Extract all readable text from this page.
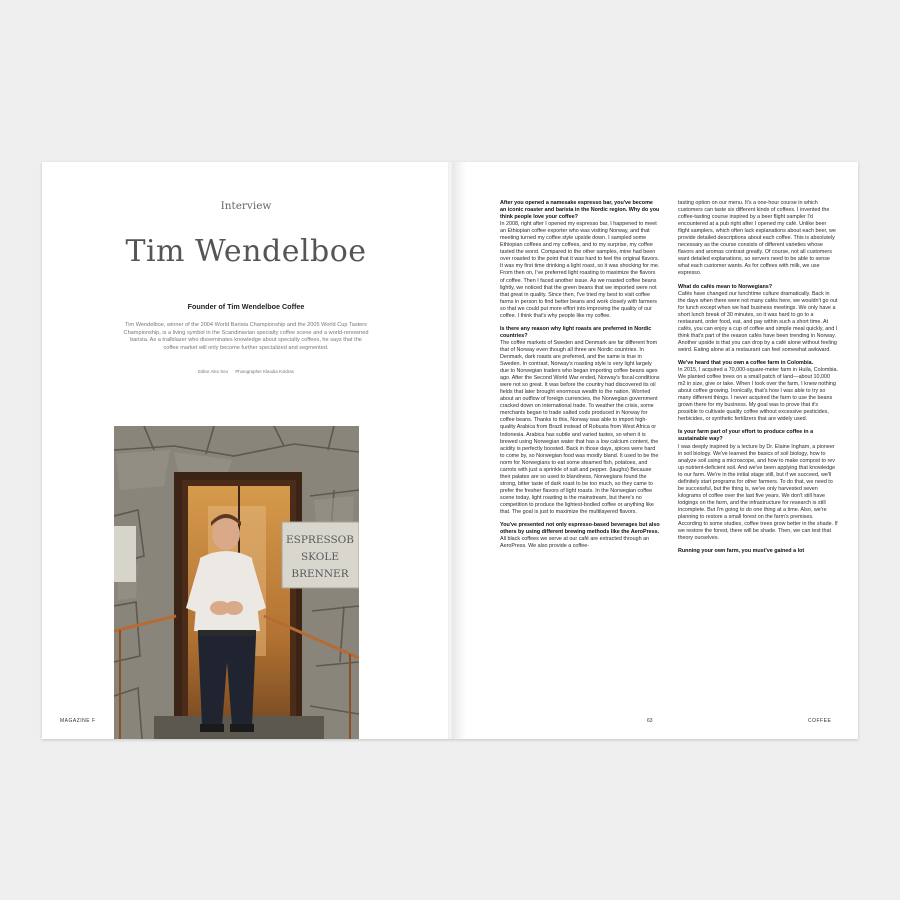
Interview

Tim Wendelboe

Founder of Tim Wendelboe Coffee

Tim Wendelboe, winner of the 2004 World Barista Championship and the 2005 World Cup Tasters Championship, is a living symbol in the Scandinavian specialty coffee scene and a world-renowned barista. As a trailblazer who disseminates knowledge about specialty coffees, he says that the coffee market will only become further specialized and segmented.

Editor Alex Seo Photographer Klaudia Koldras
ESPRESSOB
SKOLE
BRENNER
MAGAZINE F

After you opened a namesake espresso bar, you've become an iconic roaster and barista in the Nordic region. Why do you think people love your coffee?

In 2008, right after I opened my espresso bar, I happened to meet an Ethiopian coffee exporter who was visiting Norway, and that meeting turned my coffee style upside down. I sampled some Ethiopian coffees and my coffees, and to my surprise, my coffee tasted the worst. Compared to the other samples, mine had been over roasted to the point that it was hard to feel the original flavors. It was my first time drinking a light roast, so it was shocking for me. From then on, I've preferred light roasting to maximize the flavors of coffee. Then I faced another issue. As we roasted coffee beans lightly, we noticed that the green beans that we imported were not that great in quality. Since then, I've tried my best to visit coffee farms in person to find better beans and work closely with farmers so that we could put more effort into improving the quality of our coffee. I think that's why people like my coffee.

Is there any reason why light roasts are preferred in Nordic countries?

The coffee markets of Sweden and Denmark are far different from that of Norway even though all three are Nordic countries. In Denmark, dark roasts are preferred, and the same is true in Sweden. In contrast, Norway's roasting style is very light largely due to Norwegian traders who began importing coffee beans ages ago. After the Second World War ended, Norway's fiscal conditions were not so great. It was before the country had discovered its oil fields that later brought enormous wealth to the nation. Worried about an outflow of foreign currencies, the Norwegian government cracked down on international trade. To weather the crisis, some merchants began to trade salted cods produced in Norway for coffee beans. Thanks to this, Norway was able to import high-quality Arabica from Brazil instead of Robusta from West Africa or Indonesia. Arabica has subtle and varied tastes, so when it is brewed using Norwegian water that has a low calcium content, the acidity is perfectly boosted. Back in those days, spices were hard to come by, so Norwegian food was mostly bland. It used to be the norm for Norwegians to eat some steamed fish, potatoes, and carrots with just a sprinkle of salt and pepper. (laughs) Because their palates are so used to blandness, Norwegians found the strong, bitter taste of dark roast to be too much, so they came to prefer the fresher flavors of light roasts. In the Norwegian coffee scene today, light roasting is the mainstream, but there's no competition to produce the lightest-bodied coffee or anything like that. The goal is just to maximize the multilayered flavors.

You've presented not only espresso-based beverages but also others by using different brewing methods like the AeroPress.

All black coffees we serve at our café are extracted through an AeroPress. We also provide a coffee-

tasting option on our menu. It's a one-hour course in which customers can taste six different kinds of coffees. I invented the coffee-tasting course inspired by a beer flight sampler I'd encountered at a pub right after I opened my café. Unlike beer flight samplers, which often lack explanations about each beer, we provide detailed descriptions about each coffee. This is absolutely necessary as the course consists of different varieties whose flavors and aromas contrast greatly. Of course, not all customers want detailed explanations, so servers need to be able to sense what each customer wants. As for coffees with milk, we use espresso.

What do cafés mean to Norwegians?

Cafés have changed our lunchtime culture dramatically. Back in the days when there were not many cafés here, we wouldn't go out for lunch except when we had business meetings. We only have a short lunch break of 30 minutes, so it was hard to go to a restaurant, order food, eat, and pay within such a short time. At cafés, you can enjoy a cup of coffee and simple meal quickly, and I think that's part of the reason cafés have been trending in Norway. Another upside is that you can drop by a café alone without feeling weird. Eating alone at a restaurant can feel somewhat awkward.

We've heard that you own a coffee farm in Colombia.

In 2015, I acquired a 70,000-square-meter farm in Huila, Colombia. We planted coffee trees on a small patch of land—about 10,000 m2 in size, give or take. When I took over the farm, I knew nothing about coffee growing. Ironically, that's how I was able to try so many different things. I never acquired the farm to use the beans grown there for my business. My goal was to prove that it's possible to cultivate quality coffee without excessive pesticides, herbicides, or synthetic fertilizers that are widely used.

Is your farm part of your effort to produce coffee in a sustainable way?

I was deeply inspired by a lecture by Dr. Elaine Ingham, a pioneer in soil biology. We've learned the basics of soil biology, how to analyze soil using a microscope, and how to make compost to rev up nutrient-deficient soil. And we've been applying that knowledge to our farm. We're in the initial stage still, but if we succeed, we'll definitely start programs for other farmers. To do that, we need to be successful, but the thing is, we've only harvested seven kilograms of coffee over the last five years. We don't still have lodgings on the farm, and the infrastructure for research is still incomplete. But I'm going to do one thing at a time. Also, we're planning to restore a small forest on the farm's premises. According to some studies, coffee trees grow better in the shade. If we restore the forest, there will be shade. Then, we can test that theory ourselves.

Running your own farm, you must've gained a lot

63	COFFEE
